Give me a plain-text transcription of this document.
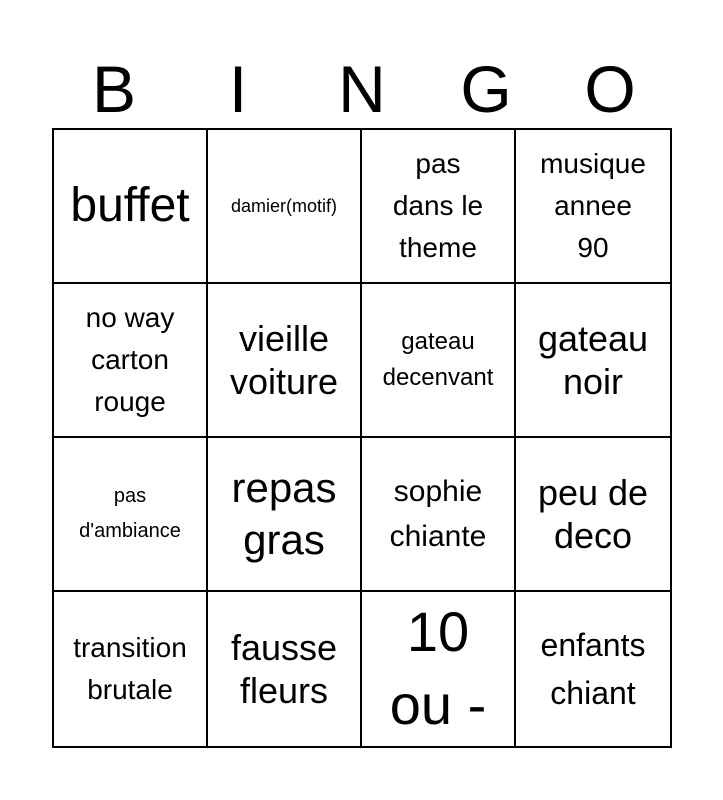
B	I	N	G	O
buffet damier(motif)
pas
dans le
theme
musique
annee
90
no way
carton
rouge
vieille
voiture
gateau
decenvant
gateau
noir
pas
d'ambiance
repas
gras
sophie
chiante
peu de
deco
transition
brutale
fausse
fleurs
10
ou -
enfants
chiant
